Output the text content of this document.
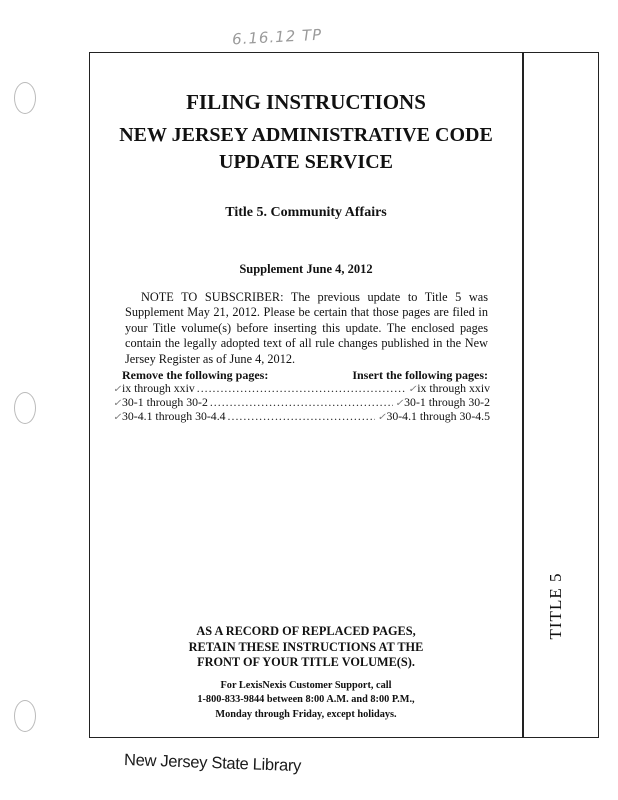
6.16.12 TP
TITLE 5
FILING INSTRUCTIONS
NEW JERSEY ADMINISTRATIVE CODE
UPDATE SERVICE
Title 5. Community Affairs
Supplement June 4, 2012
NOTE TO SUBSCRIBER: The previous update to Title 5 was Supplement May 21, 2012. Please be certain that those pages are filed in your Title volume(s) before inserting this update. The enclosed pages contain the legally adopted text of all rule changes published in the New Jersey Register as of June 4, 2012.
Remove the following pages:	Insert the following pages:
✓ ix through xxiv .....	✓ ix through xxiv
✓ 30-1 through 30-2 .....	✓ 30-1 through 30-2
✓ 30-4.1 through 30-4.4 .....	✓ 30-4.1 through 30-4.5
AS A RECORD OF REPLACED PAGES,
RETAIN THESE INSTRUCTIONS AT THE
FRONT OF YOUR TITLE VOLUME(S).
For LexisNexis Customer Support, call
1-800-833-9844 between 8:00 A.M. and 8:00 P.M.,
Monday through Friday, except holidays.
New Jersey State Library
